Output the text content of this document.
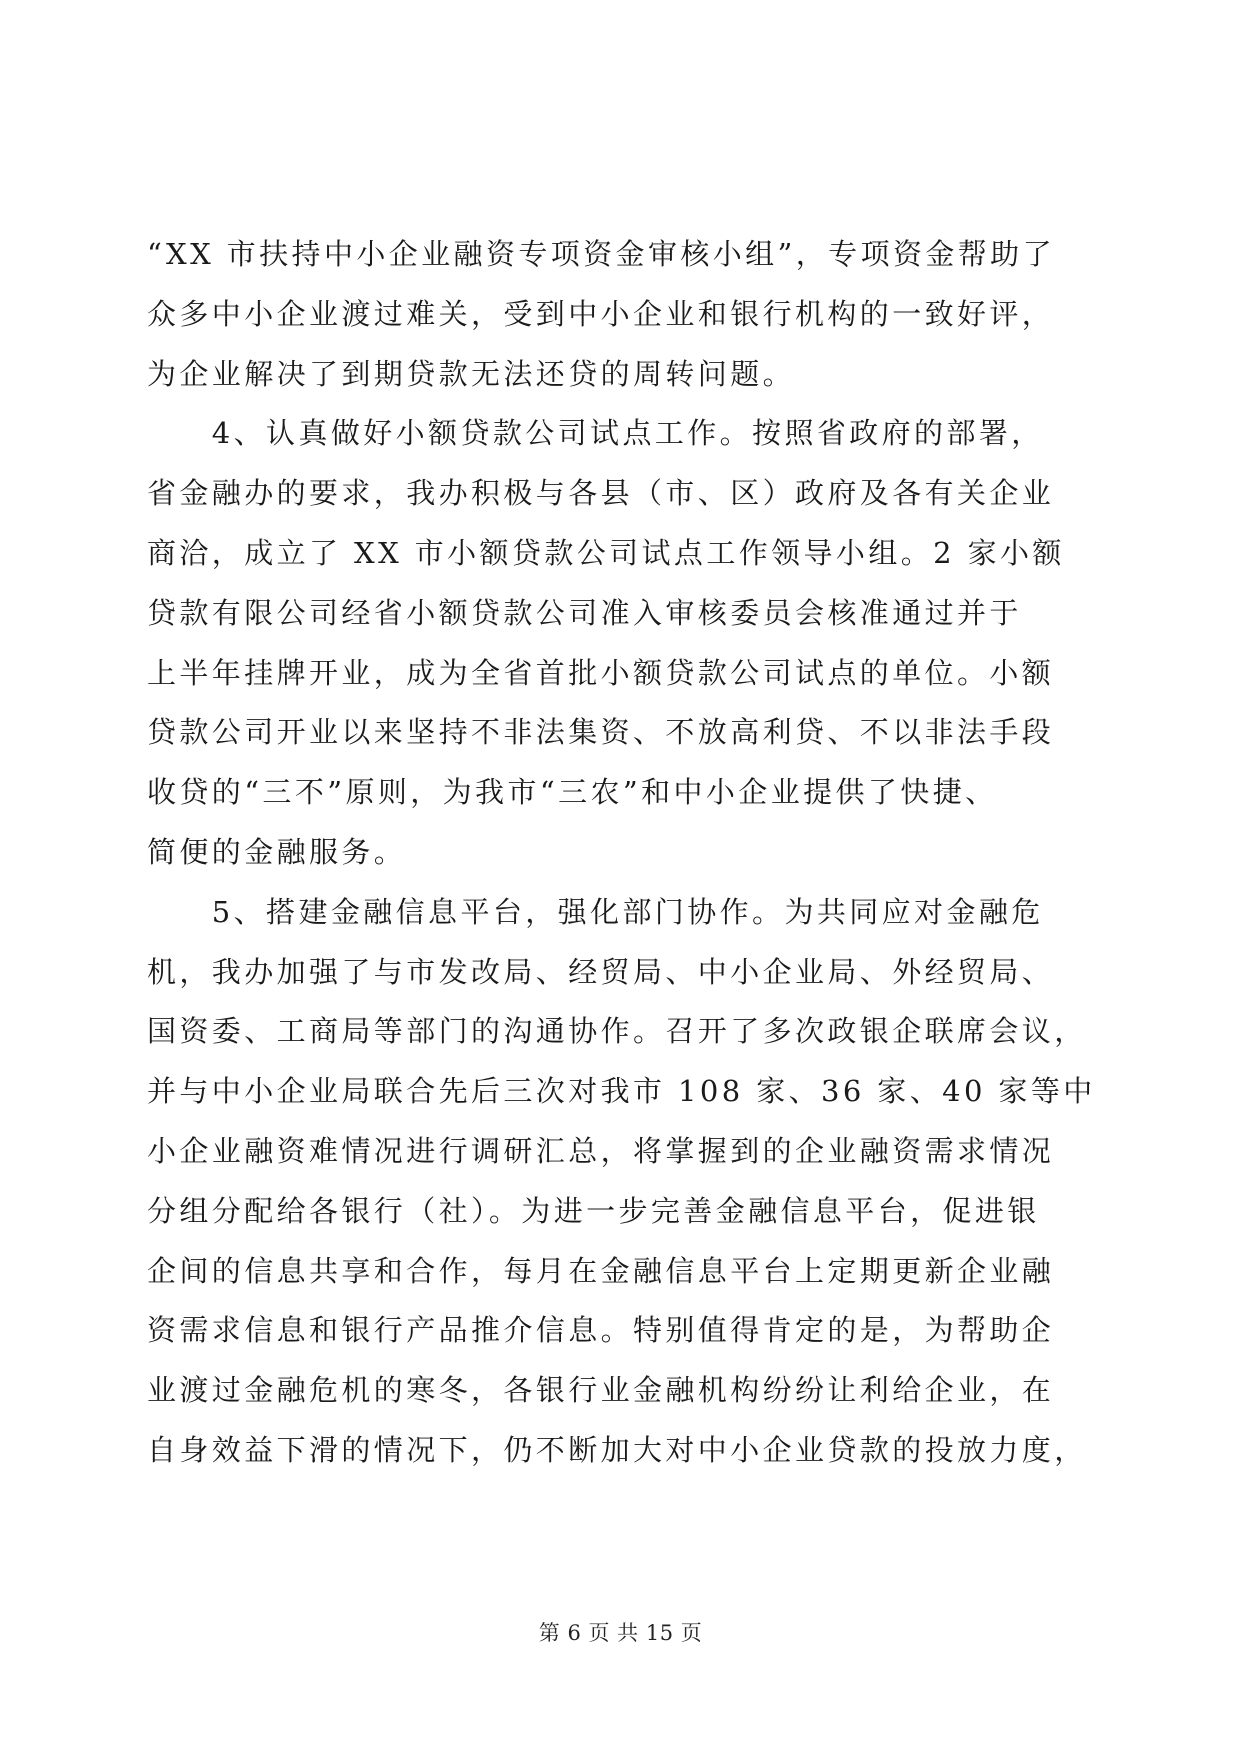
“XX 市扶持中小企业融资专项资金审核小组”，专项资金帮助了
众多中小企业渡过难关，受到中小企业和银行机构的一致好评，
为企业解决了到期贷款无法还贷的周转问题。
　　4、认真做好小额贷款公司试点工作。按照省政府的部署，
省金融办的要求，我办积极与各县（市、区）政府及各有关企业
商洽，成立了 XX 市小额贷款公司试点工作领导小组。2 家小额
贷款有限公司经省小额贷款公司准入审核委员会核准通过并于
上半年挂牌开业，成为全省首批小额贷款公司试点的单位。小额
贷款公司开业以来坚持不非法集资、不放高利贷、不以非法手段
收贷的“三不”原则，为我市“三农”和中小企业提供了快捷、
简便的金融服务。
　　5、搭建金融信息平台，强化部门协作。为共同应对金融危
机，我办加强了与市发改局、经贸局、中小企业局、外经贸局、
国资委、工商局等部门的沟通协作。召开了多次政银企联席会议，
并与中小企业局联合先后三次对我市 108 家、36 家、40 家等中
小企业融资难情况进行调研汇总，将掌握到的企业融资需求情况
分组分配给各银行（社）。为进一步完善金融信息平台，促进银
企间的信息共享和合作，每月在金融信息平台上定期更新企业融
资需求信息和银行产品推介信息。特别值得肯定的是，为帮助企
业渡过金融危机的寒冬，各银行业金融机构纷纷让利给企业，在
自身效益下滑的情况下，仍不断加大对中小企业贷款的投放力度，
第 6 页 共 15 页
